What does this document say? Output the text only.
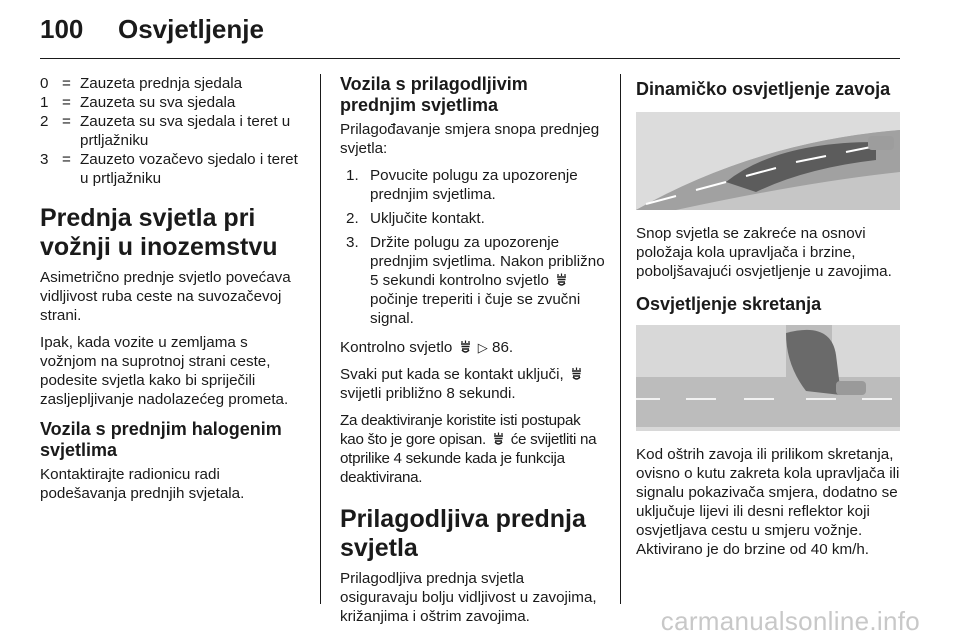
100	Osvjetljenje
0 = Zauzeta prednja sjedala
1 = Zauzeta su sva sjedala
2 = Zauzeta su sva sjedala i teret u prtljažniku
3 = Zauzeto vozačevo sjedalo i teret u prtljažniku
Prednja svjetla pri vožnji u inozemstvu

Asimetrično prednje svjetlo povećava vidljivost ruba ceste na suvozačevoj strani.

Ipak, kada vozite u zemljama s vožnjom na suprotnoj strani ceste, podesite svjetla kako bi spriječili zasljepljivanje nadolazećeg prometa.

Vozila s prednjim halogenim svjetlima

Kontaktirajte radionicu radi podešavanja prednjih svjetala.

Vozila s prilagodljivim prednjim svjetlima

Prilagođavanje smjera snopa prednjeg svjetla:

1. Povucite polugu za upozorenje prednjim svjetlima.
2. Uključite kontakt.
3. Držite polugu za upozorenje prednjim svjetlima. Nakon približno 5 sekundi kontrolno svjetlo  počinje treperiti i čuje se zvučni signal.

Kontrolno svjetlo ▷ 86.

Svaki put kada se kontakt uključi,  svijetli približno 8 sekundi.

Za deaktiviranje koristite isti postupak kao što je gore opisan. će svijetliti na otprilike 4 sekunde kada je funkcija deaktivirana.

Prilagodljiva prednja svjetla

Prilagodljiva prednja svjetla osiguravaju bolju vidljivost u zavojima, križanjima i oštrim zavojima.

Dinamičko osvjetljenje zavoja

Snop svjetla se zakreće na osnovi položaja kola upravljača i brzine, poboljšavajući osvjetljenje u zavojima.

Osvjetljenje skretanja

Kod oštrih zavoja ili prilikom skretanja, ovisno o kutu zakreta kola upravljača ili signalu pokazivača smjera, dodatno se uključuje lijevi ili desni reflektor koji osvjetljava cestu u smjeru vožnje. Aktivirano je do brzine od 40 km/h.

carmanualsonline.info
